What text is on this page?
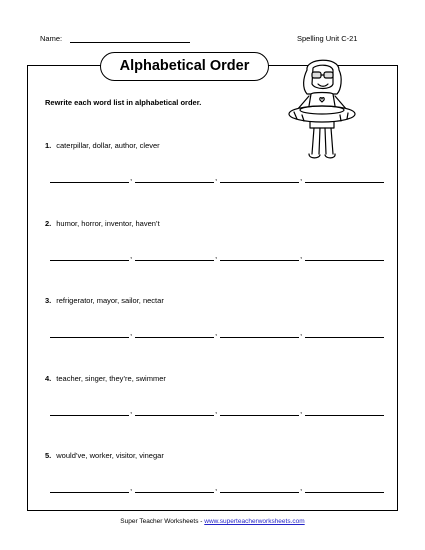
Name:	Spelling Unit C-21
Alphabetical Order
Rewrite each word list in alphabetical order.
1. caterpillar, dollar, author, clever
,	,	,
2. humor, horror, inventor, haven’t
,	,	,
3. refrigerator, mayor, sailor, nectar
,	,	,
4. teacher, singer, they’re, swimmer
,	,	,
5. would’ve, worker, visitor, vinegar
,	,	,
Super Teacher Worksheets - www.superteacherworksheets.com
